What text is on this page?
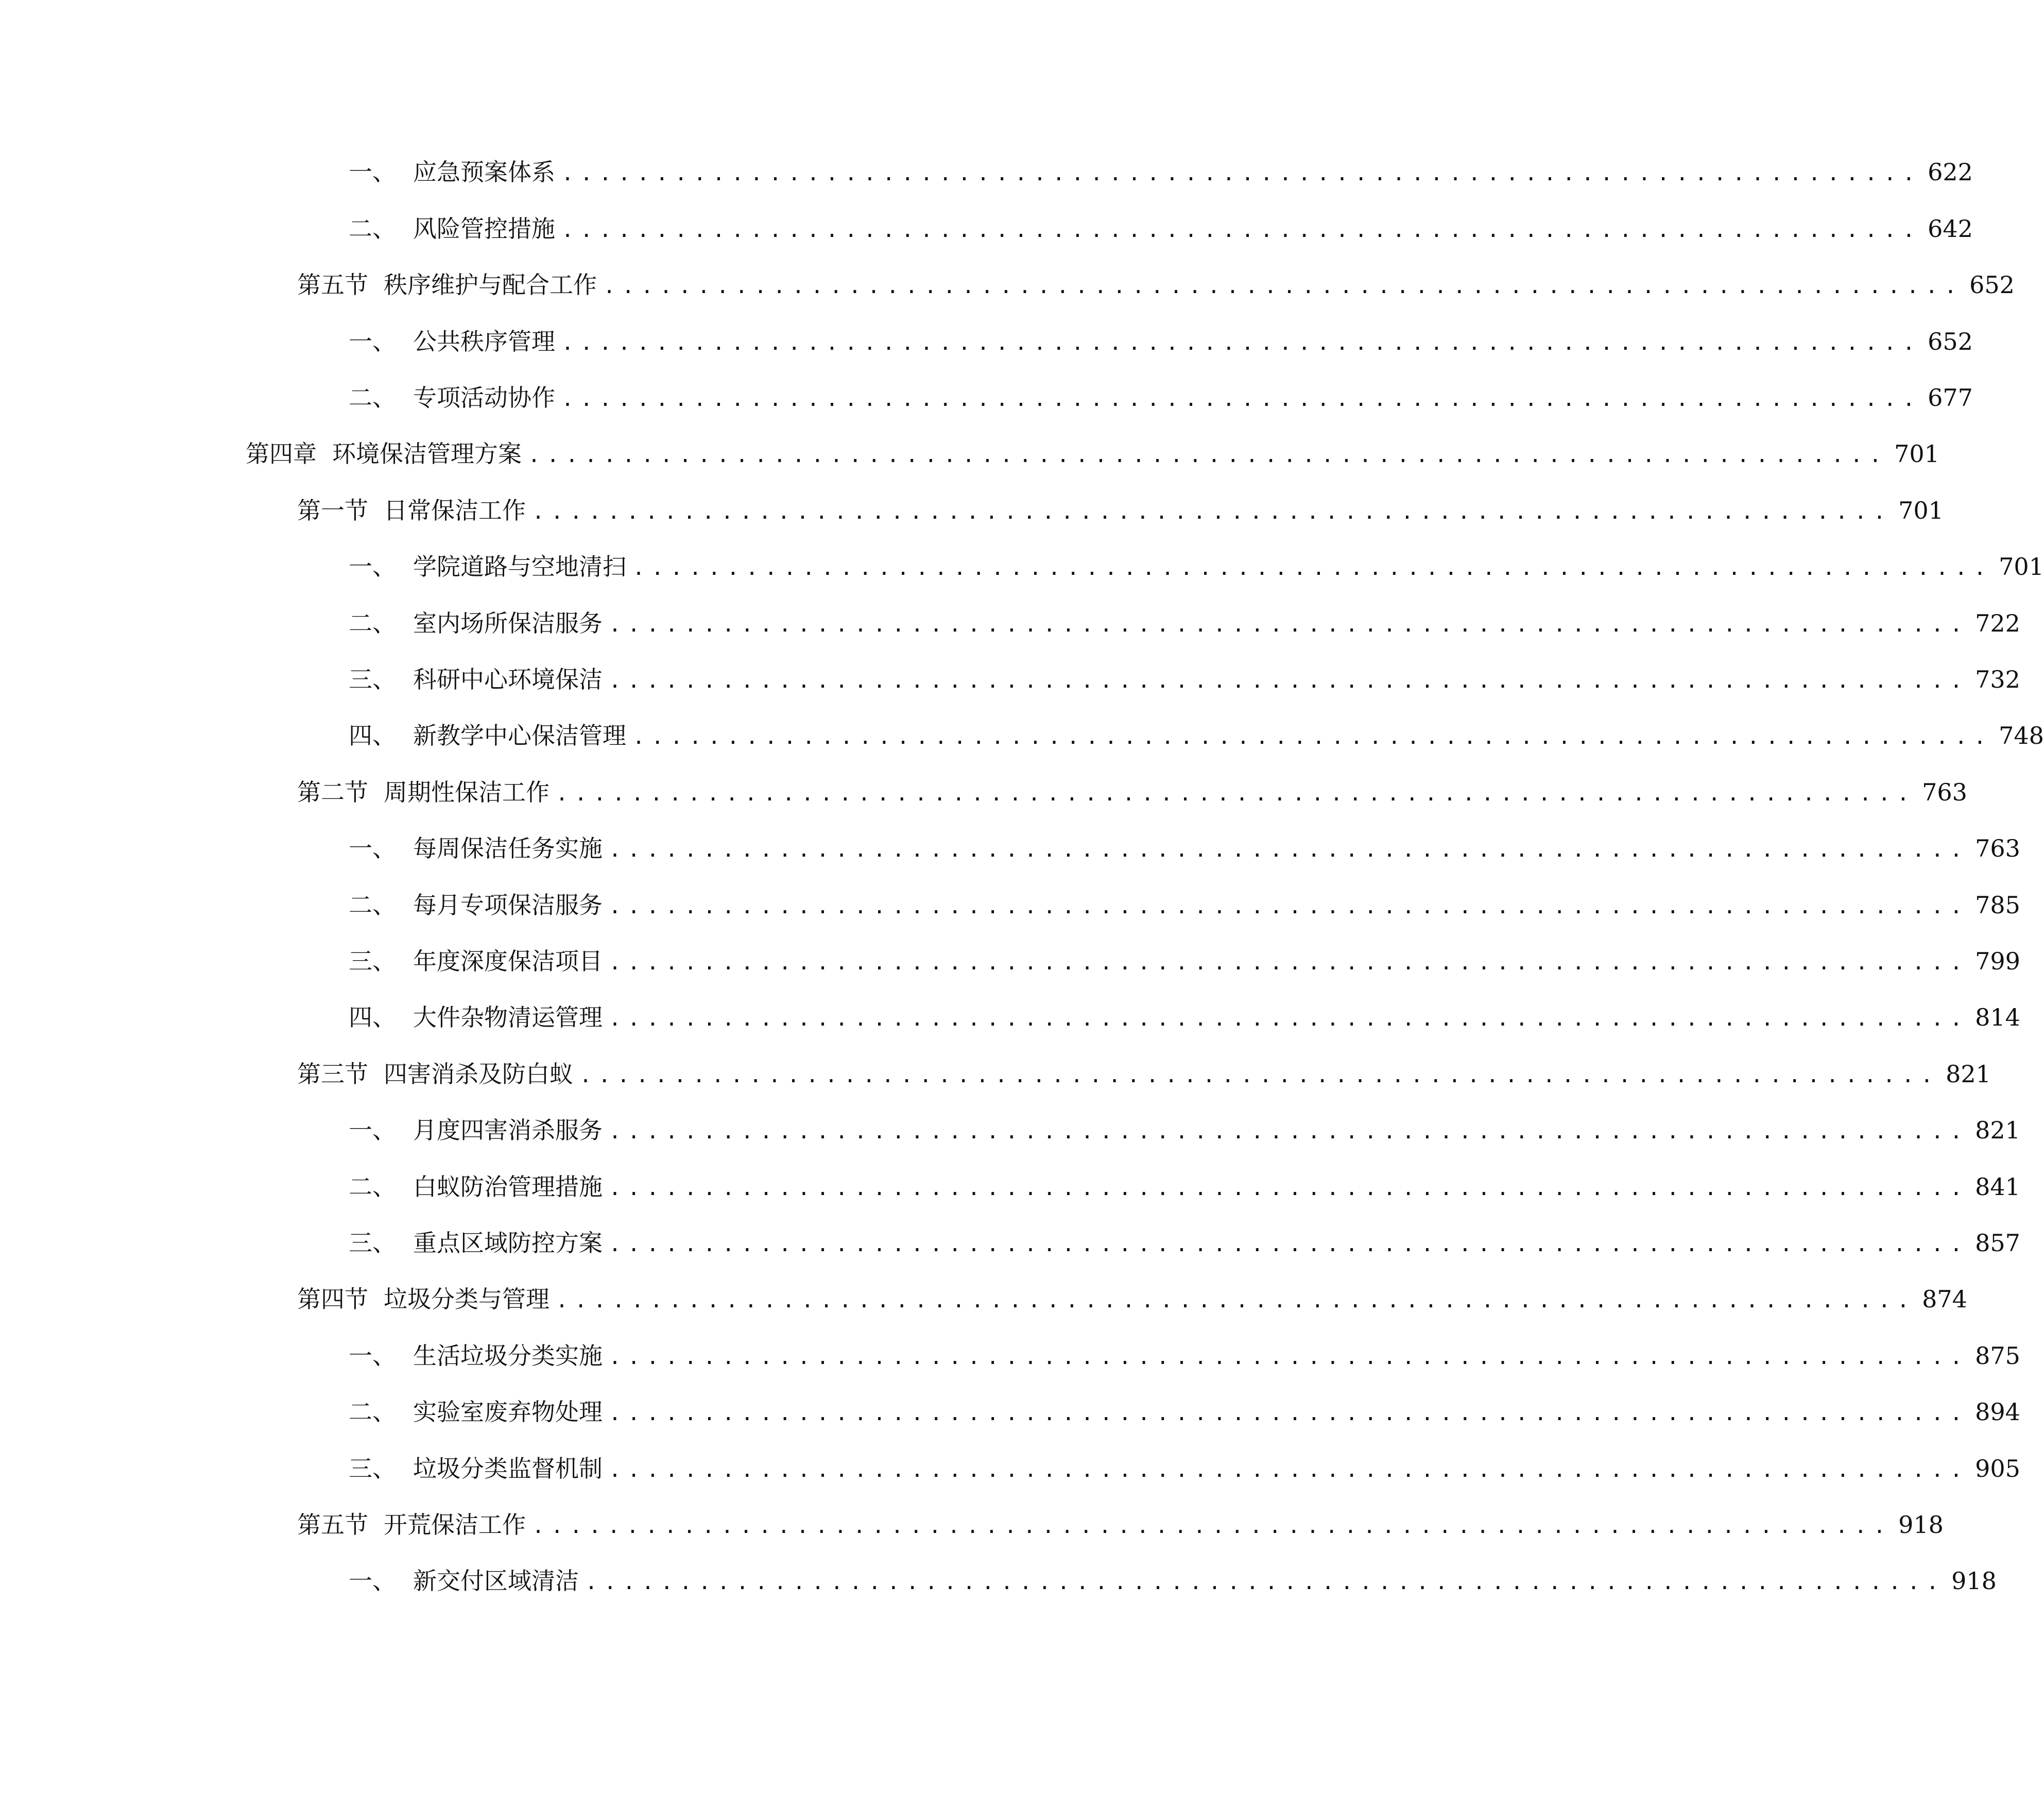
一、 应急预案体系 ........................................................................ 622
二、 风险管控措施 ........................................................................ 642
第五节 秩序维护与配合工作 ........................................................................ 652
一、 公共秩序管理 ........................................................................ 652
二、 专项活动协作 ........................................................................ 677
第四章 环境保洁管理方案 ........................................................................ 701
第一节 日常保洁工作 ........................................................................ 701
一、 学院道路与空地清扫 ........................................................................ 701
二、 室内场所保洁服务 ........................................................................ 722
三、 科研中心环境保洁 ........................................................................ 732
四、 新教学中心保洁管理 ........................................................................ 748
第二节 周期性保洁工作 ........................................................................ 763
一、 每周保洁任务实施 ........................................................................ 763
二、 每月专项保洁服务 ........................................................................ 785
三、 年度深度保洁项目 ........................................................................ 799
四、 大件杂物清运管理 ........................................................................ 814
第三节 四害消杀及防白蚁 ........................................................................ 821
一、 月度四害消杀服务 ........................................................................ 821
二、 白蚁防治管理措施 ........................................................................ 841
三、 重点区域防控方案 ........................................................................ 857
第四节 垃圾分类与管理 ........................................................................ 874
一、 生活垃圾分类实施 ........................................................................ 875
二、 实验室废弃物处理 ........................................................................ 894
三、 垃圾分类监督机制 ........................................................................ 905
第五节 开荒保洁工作 ........................................................................ 918
一、 新交付区域清洁 ........................................................................ 918
